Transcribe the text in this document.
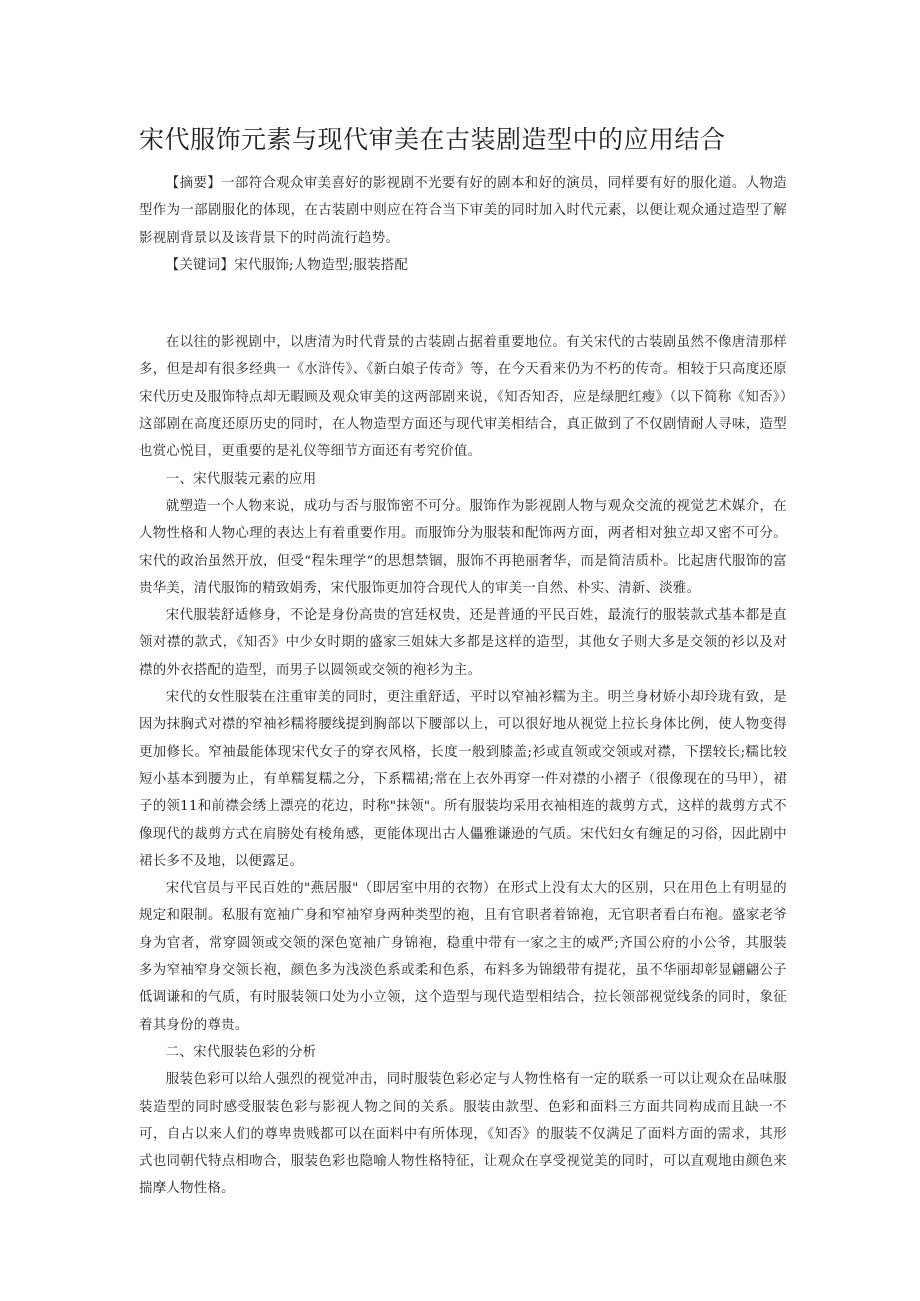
宋代服饰元素与现代审美在古装剧造型中的应用结合

【摘要】一部符合观众审美喜好的影视剧不光要有好的剧本和好的演员，同样要有好的服化道。人物造型作为一部剧服化的体现，在古装剧中则应在符合当下审美的同时加入时代元素，以便让观众通过造型了解影视剧背景以及该背景下的时尚流行趋势。

【关键词】宋代服饰;人物造型;服装搭配

在以往的影视剧中，以唐清为时代背景的古装剧占据着重要地位。有关宋代的古装剧虽然不像唐清那样多，但是却有很多经典一《水浒传》、《新白娘子传奇》等，在今天看来仍为不朽的传奇。相较于只高度还原宋代历史及服饰特点却无暇顾及观众审美的这两部剧来说，《知否知否，应是绿肥红瘦》（以下简称《知否》）这部剧在高度还原历史的同时，在人物造型方面还与现代审美相结合，真正做到了不仅剧情耐人寻味，造型也赏心悦目，更重要的是礼仪等细节方面还有考究价值。

一、宋代服装元素的应用

就塑造一个人物来说，成功与否与服饰密不可分。服饰作为影视剧人物与观众交流的视觉艺术媒介，在人物性格和人物心理的表达上有着重要作用。而服饰分为服装和配饰两方面，两者相对独立却又密不可分。宋代的政治虽然开放，但受“程朱理学”的思想禁锢，服饰不再艳丽奢华，而是简洁质朴。比起唐代服饰的富贵华美，清代服饰的精致娟秀，宋代服饰更加符合现代人的审美一自然、朴实、清新、淡雅。

宋代服装舒适修身，不论是身份高贵的宫廷权贵，还是普通的平民百姓，最流行的服装款式基本都是直领对襟的款式，《知否》中少女时期的盛家三姐妹大多都是这样的造型，其他女子则大多是交领的衫以及对襟的外衣搭配的造型，而男子以圆领或交领的袍衫为主。

宋代的女性服装在注重审美的同时，更注重舒适，平时以窄袖衫糯为主。明兰身材娇小却玲珑有致，是因为抹胸式对襟的窄袖衫糯将腰线提到胸部以下腰部以上，可以很好地从视觉上拉长身体比例，使人物变得更加修长。窄袖最能体现宋代女子的穿衣风格，长度一般到膝盖;衫或直领或交领或对襟，下摆较长;糯比较短小基本到腰为止，有单糯复糯之分，下系糯裙;常在上衣外再穿一件对襟的小褶子（很像现在的马甲），裙子的领11和前襟会绣上漂亮的花边，时称"抹领"。所有服装均采用衣袖相连的裁剪方式，这样的裁剪方式不像现代的裁剪方式在肩膀处有棱角感，更能体现出古人儡雅谦逊的气质。宋代妇女有缠足的习俗，因此剧中裙长多不及地，以便露足。

宋代官员与平民百姓的"燕居服"（即居室中用的衣物）在形式上没有太大的区别，只在用色上有明显的规定和限制。私服有宽袖广身和窄袖窄身两种类型的袍，且有官职者着锦袍，无官职者看白布袍。盛家老爷身为官者，常穿圆领或交领的深色宽袖广身锦袍，稳重中带有一家之主的威严;齐国公府的小公爷，其服装多为窄袖窄身交领长袍，颜色多为浅淡色系或柔和色系，布料多为锦缎带有提花，虽不华丽却彰显翩翩公子低调谦和的气质，有时服装领口处为小立领，这个造型与现代造型相结合，拉长领部视觉线条的同时，象征着其身份的尊贵。

二、宋代服装色彩的分析

服装色彩可以给人强烈的视觉冲击，同时服装色彩必定与人物性格有一定的联系一可以让观众在品味服装造型的同时感受服装色彩与影视人物之间的关系。服装由款型、色彩和面料三方面共同构成而且缺一不可，自占以来人们的尊卑贵贱都可以在面料中有所体现，《知否》的服装不仅满足了面料方面的需求，其形式也同朝代特点相吻合，服装色彩也隐喻人物性格特征，让观众在享受视觉美的同时，可以直观地由颜色来揣摩人物性格。
